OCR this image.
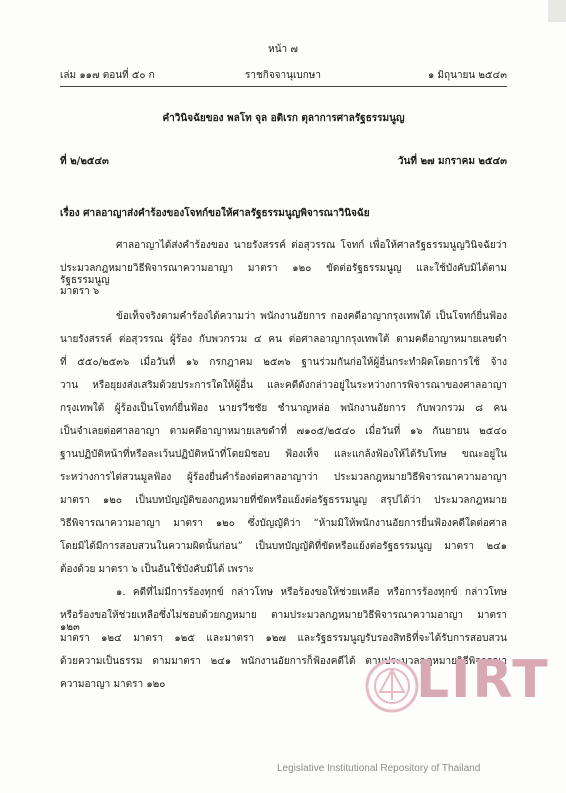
หน้า ๗
เล่ม ๑๑๗ ตอนที่ ๕๐ ก	ราชกิจจานุเบกษา	๑ มิถุนายน ๒๕๔๓
คำวินิจฉัยของ พลโท จุล อติเรก ตุลาการศาลรัฐธรรมนูญ
ที่ ๒/๒๕๔๓	วันที่ ๒๗ มกราคม ๒๕๔๓
เรื่อง ศาลอาญาส่งคำร้องของโจทก์ขอให้ศาลรัฐธรรมนูญพิจารณาวินิจฉัย
ศาลอาญาได้ส่งคำร้องของ นายรังสรรค์ ต่อสุวรรณ โจทก์ เพื่อให้ศาลรัฐธรรมนูญวินิจฉัยว่า
ประมวลกฎหมายวิธีพิจารณาความอาญา มาตรา ๑๒๐ ขัดต่อรัฐธรรมนูญ และใช้บังคับมิได้ตามรัฐธรรมนูญ
มาตรา ๖
ข้อเท็จจริงตามคำร้องได้ความว่า พนักงานอัยการ กองคดีอาญากรุงเทพใต้ เป็นโจทก์ยื่นฟ้อง
นายรังสรรค์ ต่อสุวรรณ ผู้ร้อง กับพวกรวม ๔ คน ต่อศาลอาญากรุงเทพใต้ ตามคดีอาญาหมายเลขดำ
ที่ ๕๕๐/๒๕๓๖ เมื่อวันที่ ๑๖ กรกฎาคม ๒๕๓๖ ฐานร่วมกันก่อให้ผู้อื่นกระทำผิดโดยการใช้ จ้าง
วาน หรือยุยงส่งเสริมด้วยประการใดให้ผู้อื่น และคดีดังกล่าวอยู่ในระหว่างการพิจารณาของศาลอาญา
กรุงเทพใต้ ผู้ร้องเป็นโจทก์ยื่นฟ้อง นายรวีชชัย ชำนาญหล่อ พนักงานอัยการ กับพวกรวม ๘ คน
เป็นจำเลยต่อศาลอาญา ตามคดีอาญาหมายเลขดำที่ ๗๑๐๕/๒๕๔๐ เมื่อวันที่ ๑๖ กันยายน ๒๕๔๐
ฐานปฏิบัติหน้าที่หรือละเว้นปฏิบัติหน้าที่โดยมิชอบ ฟ้องเท็จ และแกล้งฟ้องให้ได้รับโทษ ขณะอยู่ใน
ระหว่างการไต่สวนมูลฟ้อง ผู้ร้องยื่นคำร้องต่อศาลอาญาว่า ประมวลกฎหมายวิธีพิจารณาความอาญา
มาตรา ๑๒๐ เป็นบทบัญญัติของกฎหมายที่ขัดหรือแย้งต่อรัฐธรรมนูญ สรุปได้ว่า ประมวลกฎหมาย
วิธีพิจารณาความอาญา มาตรา ๑๒๐ ซึ่งบัญญัติว่า “ห้ามมิให้พนักงานอัยการยื่นฟ้องคดีใดต่อศาล
โดยมิได้มีการสอบสวนในความผิดนั้นก่อน” เป็นบทบัญญัติที่ขัดหรือแย้งต่อรัฐธรรมนูญ มาตรา ๒๔๑
ต้องด้วย มาตรา ๖ เป็นอันใช้บังคับมิได้ เพราะ
๑. คดีที่ไม่มีการร้องทุกข์ กล่าวโทษ หรือร้องขอให้ช่วยเหลือ หรือการร้องทุกข์ กล่าวโทษ
หรือร้องขอให้ช่วยเหลือซึ่งไม่ชอบด้วยกฎหมาย ตามประมวลกฎหมายวิธีพิจารณาความอาญา มาตรา ๑๒๓
มาตรา ๑๒๔ มาตรา ๑๒๕ และมาตรา ๑๒๗ และรัฐธรรมนูญรับรองสิทธิที่จะได้รับการสอบสวน
ด้วยความเป็นธรรม ตามมาตรา ๒๔๑ พนักงานอัยการก็ฟ้องคดีได้ ตามประมวลกฎหมายวิธีพิจารณา
ความอาญา มาตรา ๑๒๐	LIRT
Legislative Institutional Repository of Thailand
